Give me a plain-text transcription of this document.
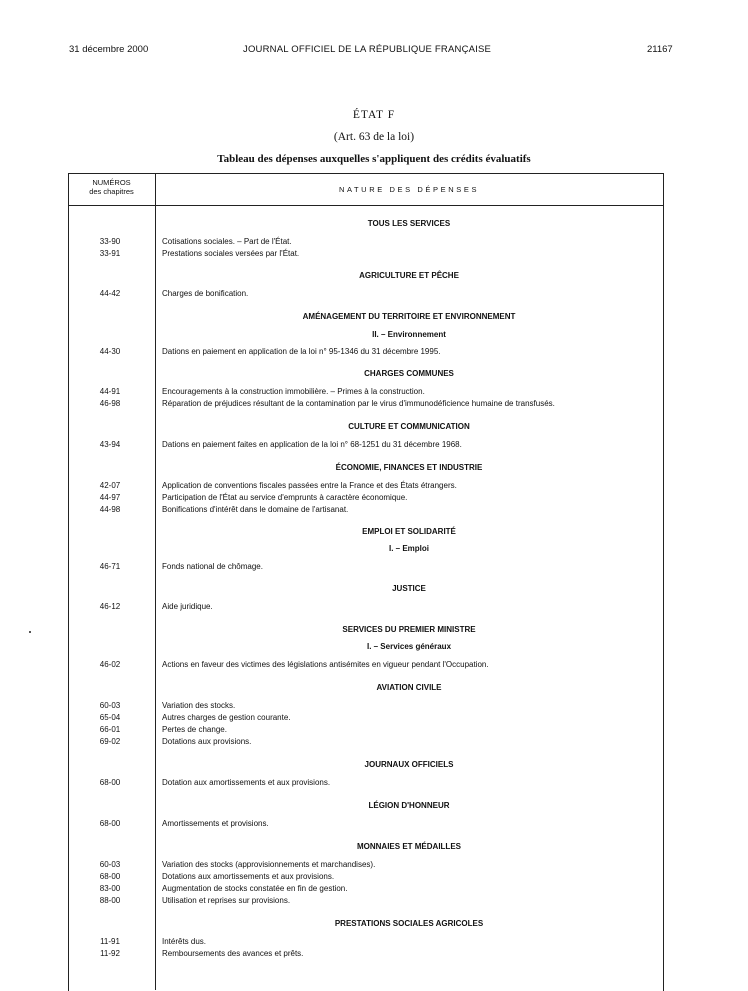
31 décembre 2000	JOURNAL OFFICIEL DE LA RÉPUBLIQUE FRANÇAISE	21167
ÉTAT F
(Art. 63 de la loi)
Tableau des dépenses auxquelles s'appliquent des crédits évaluatifs
NUMÉROS
des chapitres	NATURE DES DÉPENSES
TOUS LES SERVICES
33-90	Cotisations sociales. – Part de l'État.
33-91	Prestations sociales versées par l'État.
AGRICULTURE ET PÊCHE
44-42	Charges de bonification.
AMÉNAGEMENT DU TERRITOIRE ET ENVIRONNEMENT
II. – Environnement
44-30	Dations en paiement en application de la loi n° 95-1346 du 31 décembre 1995.
CHARGES COMMUNES
44-91	Encouragements à la construction immobilière. – Primes à la construction.
46-98	Réparation de préjudices résultant de la contamination par le virus d'immunodéficience humaine de transfusés.
CULTURE ET COMMUNICATION
43-94	Dations en paiement faites en application de la loi n° 68-1251 du 31 décembre 1968.
ÉCONOMIE, FINANCES ET INDUSTRIE
42-07	Application de conventions fiscales passées entre la France et des États étrangers.
44-97	Participation de l'État au service d'emprunts à caractère économique.
44-98	Bonifications d'intérêt dans le domaine de l'artisanat.
EMPLOI ET SOLIDARITÉ
I. – Emploi
46-71	Fonds national de chômage.
JUSTICE
46-12	Aide juridique.
SERVICES DU PREMIER MINISTRE
I. – Services généraux
46-02	Actions en faveur des victimes des législations antisémites en vigueur pendant l'Occupation.
AVIATION CIVILE
60-03	Variation des stocks.
65-04	Autres charges de gestion courante.
66-01	Pertes de change.
69-02	Dotations aux provisions.
JOURNAUX OFFICIELS
68-00	Dotation aux amortissements et aux provisions.
LÉGION D'HONNEUR
68-00	Amortissements et provisions.
MONNAIES ET MÉDAILLES
60-03	Variation des stocks (approvisionnements et marchandises).
68-00	Dotations aux amortissements et aux provisions.
83-00	Augmentation de stocks constatée en fin de gestion.
88-00	Utilisation et reprises sur provisions.
PRESTATIONS SOCIALES AGRICOLES
11-91	Intérêts dus.
11-92	Remboursements des avances et prêts.
